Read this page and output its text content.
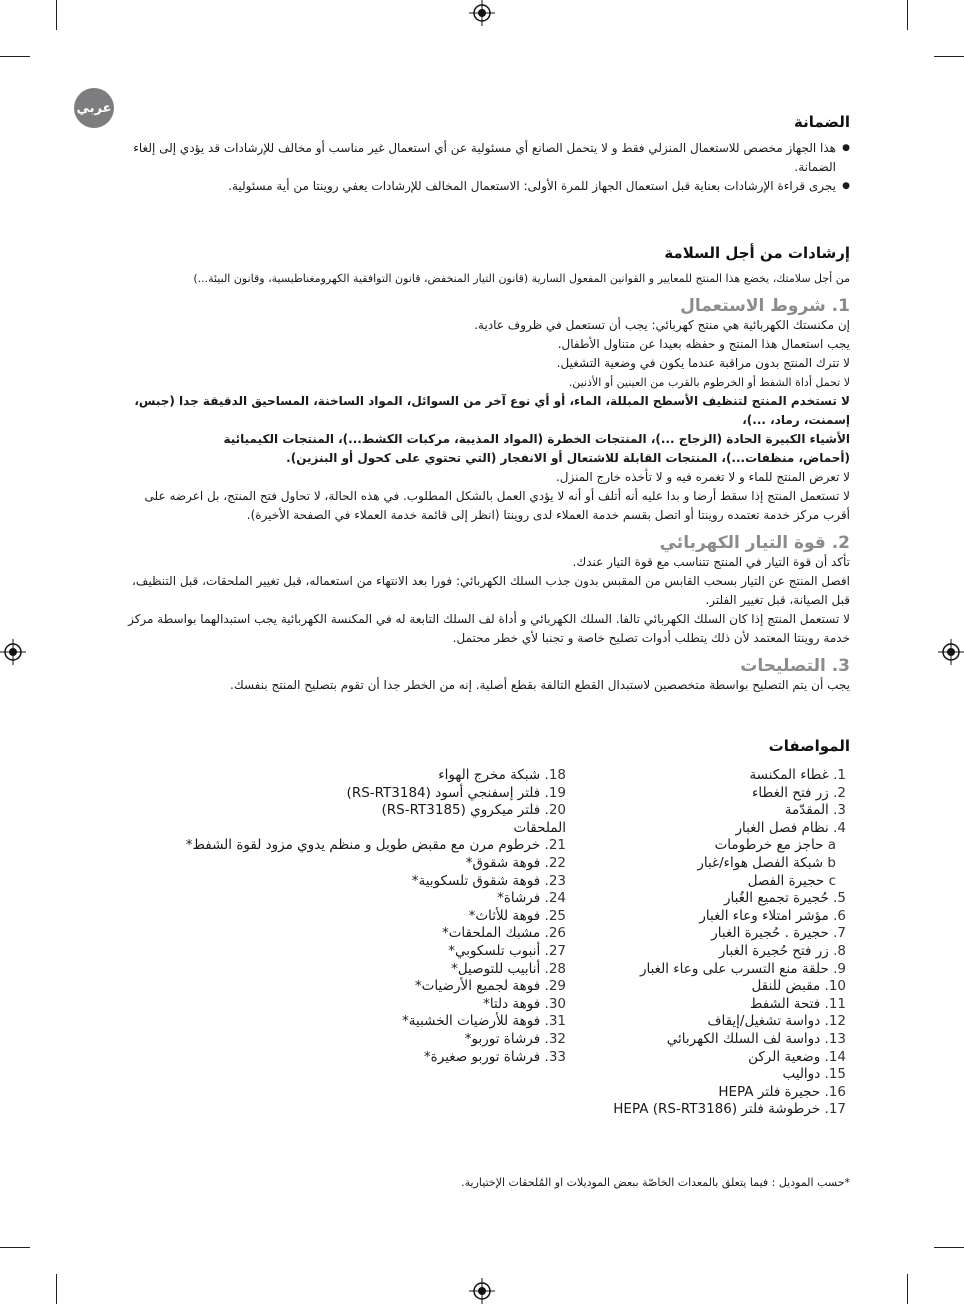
عربي

الضمانة

● هذا الجهاز مخصص للاستعمال المنزلي فقط و لا يتحمل الصانع أي مسئولية عن أي استعمال غير مناسب أو مخالف للإرشادات قد يؤدي إلى إلغاء الضمانة.

● يجرى قراءة الإرشادات بعناية قبل استعمال الجهاز للمرة الأولى: الاستعمال المخالف للإرشادات يعفي روينتا من أية مسئولية.

إرشادات من أجل السلامة

من أجل سلامتك، يخضع هذا المنتج للمعايير و القوانين المفعول السارية (قانون التيار المنخفض، قانون التوافقية الكهرومغناطيسية، وقانون البيئة...)

1. شروط الاستعمال

إن مكنستك الكهربائية هي منتج كهربائي: يجب أن تستعمل في ظروف عادية.

يجب استعمال هذا المنتج و حفظه بعيدا عن متناول الأطفال.

لا تترك المنتج بدون مراقبة عندما يكون في وضعية التشغيل.

لا تحمل أداة الشفط أو الخرطوم بالقرب من العينين أو الأذنين.

لا تستخدم المنتج لتنظيف الأسطح المبللة، الماء، أو أي نوع آخر من السوائل، المواد الساخنة، المساحيق الدقيقة جدا (جبس، إسمنت، رماد، ...)،

الأشياء الكبيرة الحادة (الزجاج ...)، المنتجات الخطرة (المواد المذيبة، مركبات الكشط...)، المنتجات الكيميائية

(أحماض، منظفات...)، المنتجات القابلة للاشتعال أو الانفجار (التي تحتوي على كحول أو البنزين).

لا تعرض المنتج للماء و لا تغمره فيه و لا تأخذه خارج المنزل.

لا تستعمل المنتج إذا سقط أرضا و بدا عليه أنه أتلف أو أنه لا يؤدي العمل بالشكل المطلوب. في هذه الحالة، لا تحاول فتح المنتج، بل اعرضه على أقرب مركز خدمة تعتمده روينتا أو اتصل بقسم خدمة العملاء لدى روينتا (انظر إلى قائمة خدمة العملاء في الصفحة الأخيرة).

2. قوة التيار الكهربائي

تأكد أن قوة التيار في المنتج تتناسب مع قوة التيار عندك.

افصل المنتج عن التيار بسحب القابس من المقبس بدون جذب السلك الكهربائي: فورا بعد الانتهاء من استعماله، قبل تغيير الملحقات، قبل التنظيف، قبل الصيانة، قبل تغيير الفلتر.

لا تستعمل المنتج إذا كان السلك الكهربائي تالفا. السلك الكهربائي و أداة لف السلك التابعة له في المكنسة الكهربائية يجب استبدالهما بواسطة مركز خدمة روينتا المعتمد لأن ذلك يتطلب أدوات تصليح خاصة و تجنبا لأي خطر محتمل.

3. التصليحات

يجب أن يتم التصليح بواسطة متخصصين لاستبدال القطع التالفة بقطع أصلية. إنه من الخطر جدا أن تقوم بتصليح المنتج بنفسك.

المواصفات

1. غطاء المكنسة
2. زر فتح الغطاء
3. المقدّمة
4. نظام فصل الغبار
a حاجز مع خرطومات
b شبكة الفصل هواء/غبار
c حجيرة الفصل
5. حُجيرة تجميع الغُبار
6. مؤشر امتلاء وعاء الغبار
7. حجيرة . حُجيرة الغبار
8. زر فتح حُجيرة الغبار
9. حلقة منع التسرب على وعاء الغبار
10. مقبض للنقل
11. فتحة الشفط
12. دواسة تشغيل/إيقاف
13. دواسة لف السلك الكهربائي
14. وضعية الركن
15. دواليب
16. حجيرة فلتر HEPA
17. خرطوشة فلتر HEPA (RS-RT3186)
18. شبكة مخرج الهواء
19. فلتر إسفنجي أسود (RS-RT3184)
20. فلتر ميكروي (RS-RT3185)
الملحقات
21. خرطوم مرن مع مقبض طويل و منظم يدوي مزود لقوة الشفط*
22. فوهة شقوق*
23. فوهة شقوق تلسكوبية*
24. فرشاة*
25. فوهة للأثاث*
26. مشبك الملحقات*
27. أنبوب تلسكوبي*
28. أنابيب للتوصيل*
29. فوهة لجميع الأرضيات*
30. فوهة دلتا*
31. فوهة للأرضيات الخشبية*
32. فرشاة توربو*
33. فرشاة توربو صغيرة*
*حسب الموديل : فيما يتعلق بالمعدات الخاصّة ببعض الموديلات او المُلحقات الإختيارية.
